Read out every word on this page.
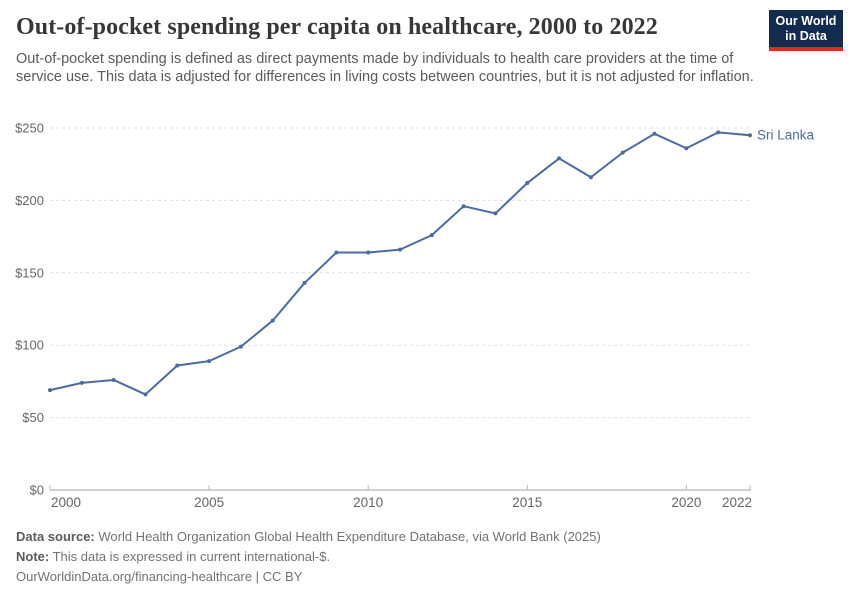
Out-of-pocket spending per capita on healthcare, 2000 to 2022	Our World
in Data

Out-of-pocket spending is defined as direct payments made by individuals to health care providers at the time of service use. This data is adjusted for differences in living costs between countries, but it is not adjusted for inflation.

$0
$50
$100
$150
$200
$250
2000	2005	2010	2015	2020 2022
Sri Lanka
Data source: World Health Organization Global Health Expenditure Database, via World Bank (2025)
Note: This data is expressed in current international-$.
OurWorldinData.org/financing-healthcare | CC BY
